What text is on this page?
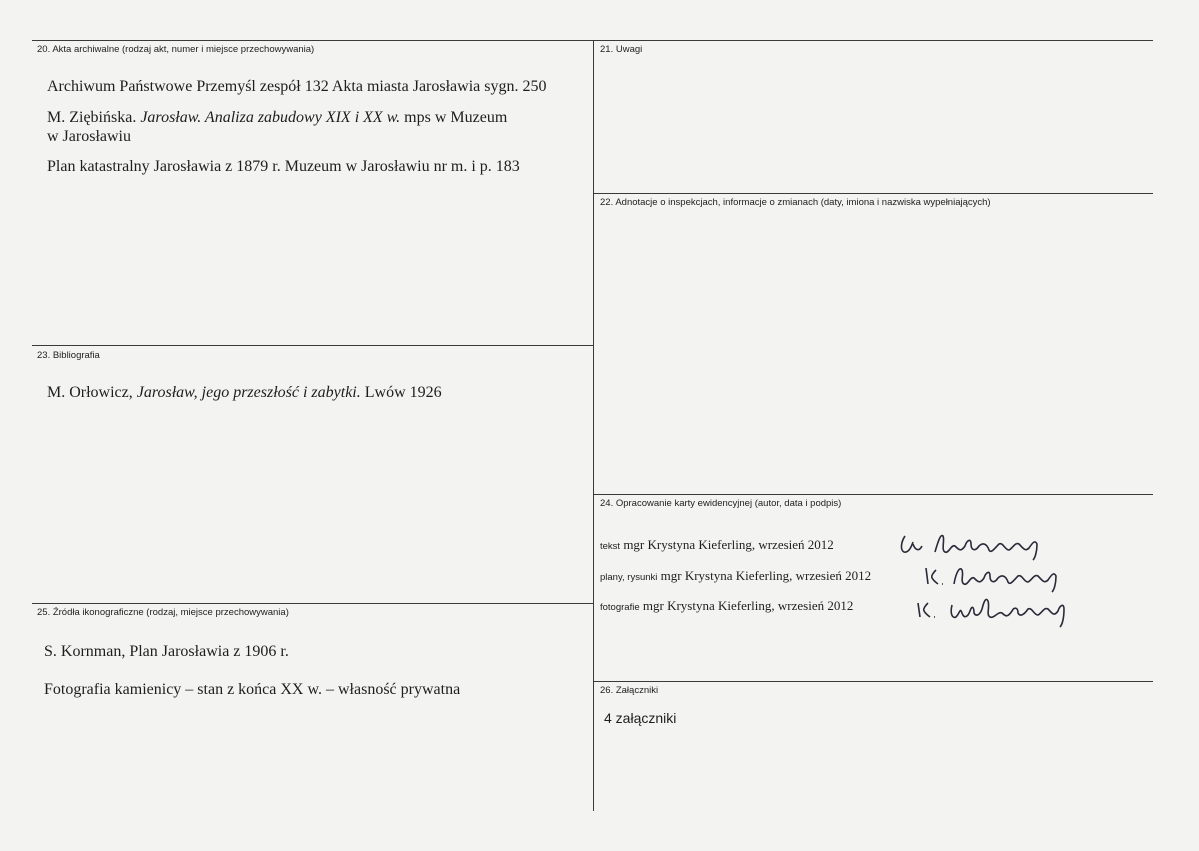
20. Akta archiwalne (rodzaj akt, numer i miejsce przechowywania)
Archiwum Państwowe Przemyśl zespół 132 Akta miasta Jarosławia sygn. 250
M. Ziębińska. Jarosław. Analiza zabudowy XIX i XX w. mps w Muzeum
w Jarosławiu
Plan katastralny Jarosławia z 1879 r. Muzeum w Jarosławiu nr m. i p. 183
21. Uwagi
22. Adnotacje o inspekcjach, informacje o zmianach (daty, imiona i nazwiska wypełniających)
23. Bibliografia
M. Orłowicz, Jarosław, jego przeszłość i zabytki. Lwów 1926
24. Opracowanie karty ewidencyjnej (autor, data i podpis)
tekst mgr Krystyna Kieferling, wrzesień 2012
plany, rysunki mgr Krystyna Kieferling, wrzesień 2012
fotografie mgr Krystyna Kieferling, wrzesień 2012
25. Źródła ikonograficzne (rodzaj, miejsce przechowywania)
S. Kornman, Plan Jarosławia z 1906 r.
Fotografia kamienicy – stan z końca XX w. – własność prywatna	26. Załączniki
4 załączniki
